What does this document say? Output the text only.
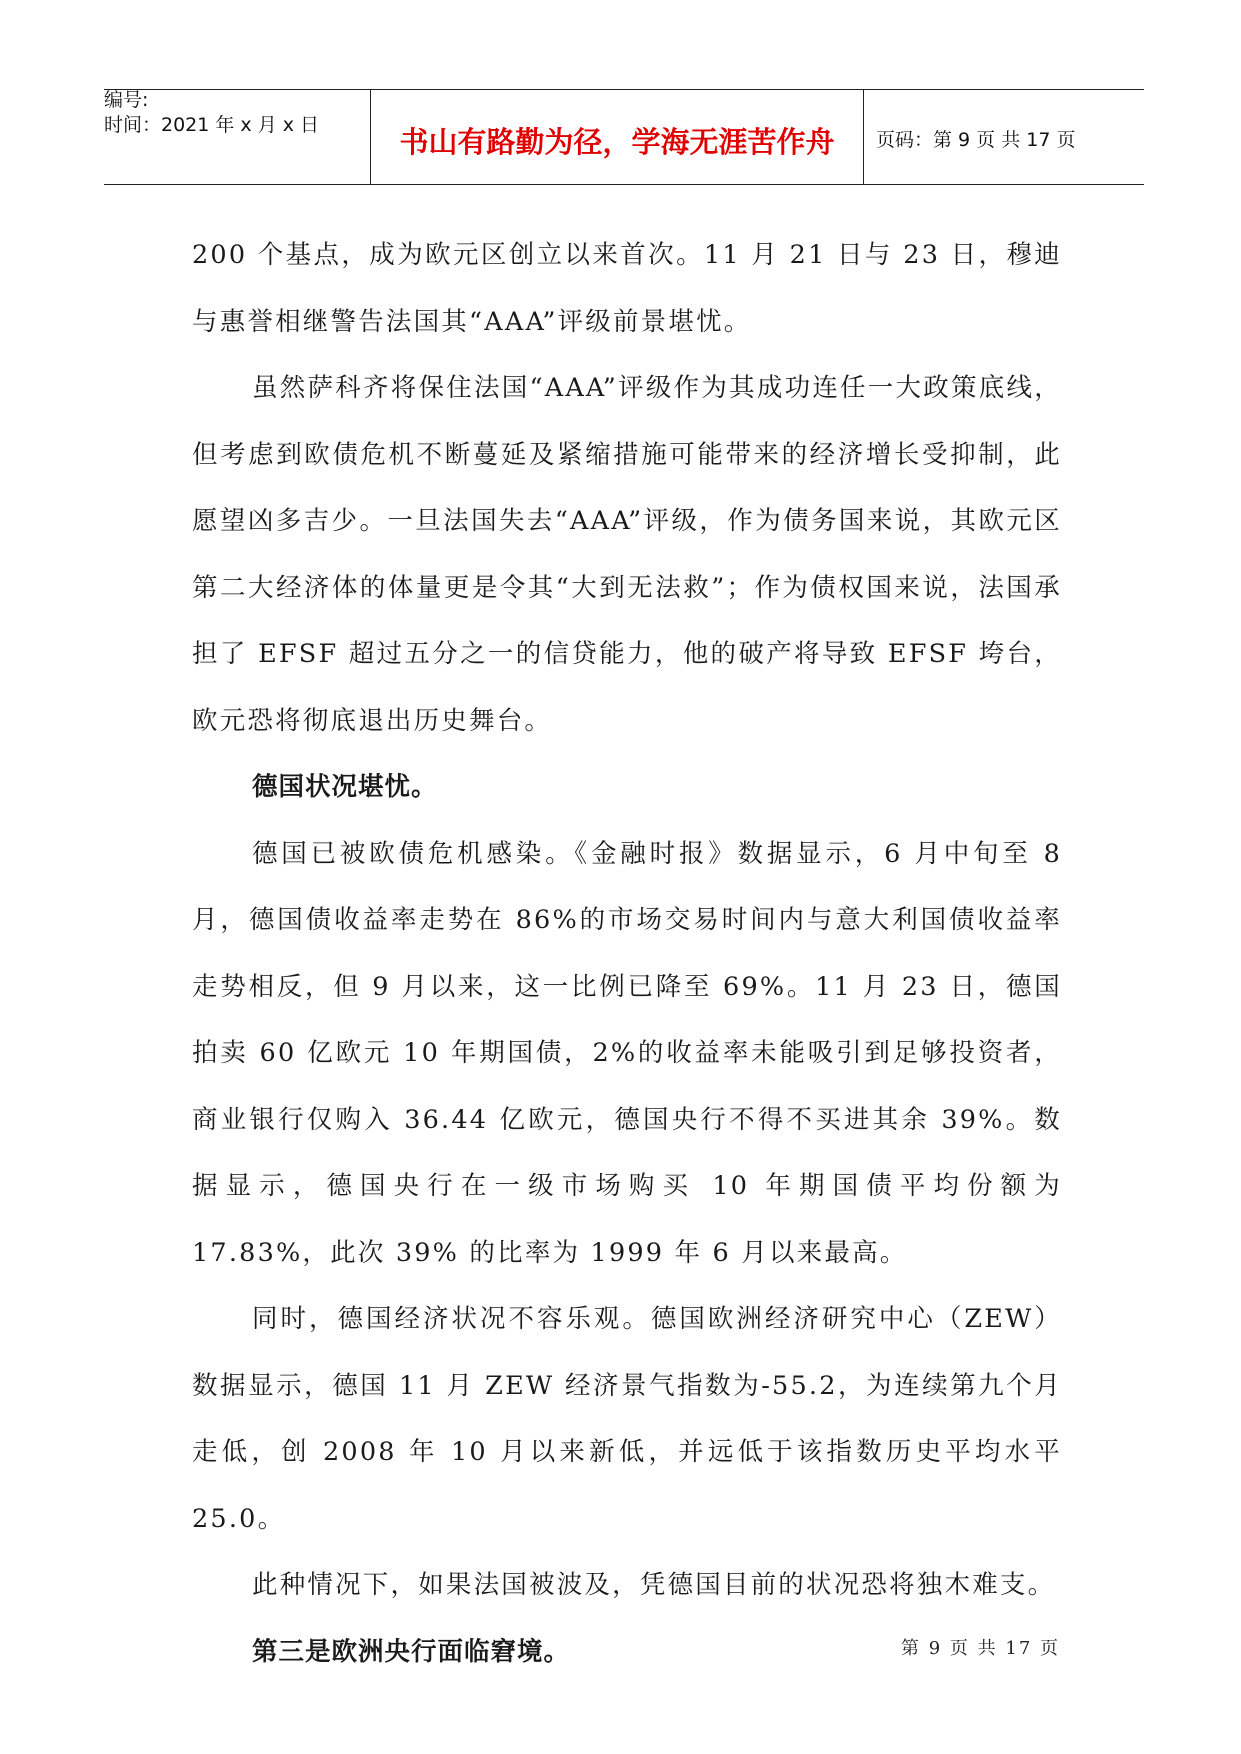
编号:
时间：2021 年 x 月 x 日	书山有路勤为径，学海无涯苦作舟	页码：第 9 页 共 17 页

200 个基点，成为欧元区创立以来首次。11 月 21 日与 23 日，穆迪与惠誉相继警告法国其“AAA”评级前景堪忧。

虽然萨科齐将保住法国“AAA”评级作为其成功连任一大政策底线，但考虑到欧债危机不断蔓延及紧缩措施可能带来的经济增长受抑制，此愿望凶多吉少。一旦法国失去“AAA”评级，作为债务国来说，其欧元区第二大经济体的体量更是令其“大到无法救”；作为债权国来说，法国承担了 EFSF 超过五分之一的信贷能力，他的破产将导致 EFSF 垮台，欧元恐将彻底退出历史舞台。

德国状况堪忧。

德国已被欧债危机感染。《金融时报》数据显示，6 月中旬至 8 月，德国债收益率走势在 86%的市场交易时间内与意大利国债收益率走势相反，但 9 月以来，这一比例已降至 69%。11 月 23 日，德国拍卖 60 亿欧元 10 年期国债，2%的收益率未能吸引到足够投资者，商业银行仅购入 36.44 亿欧元，德国央行不得不买进其余 39%。数据显示，德国央行在一级市场购买 10 年期国债平均份额为 17.83%，此次 39% 的比率为 1999 年 6 月以来最高。

同时，德国经济状况不容乐观。德国欧洲经济研究中心（ZEW）数据显示，德国 11 月 ZEW 经济景气指数为-55.2，为连续第九个月走低，创 2008 年 10 月以来新低，并远低于该指数历史平均水平 25.0。

此种情况下，如果法国被波及，凭德国目前的状况恐将独木难支。

第三是欧洲央行面临窘境。	第 9 页 共 17 页
